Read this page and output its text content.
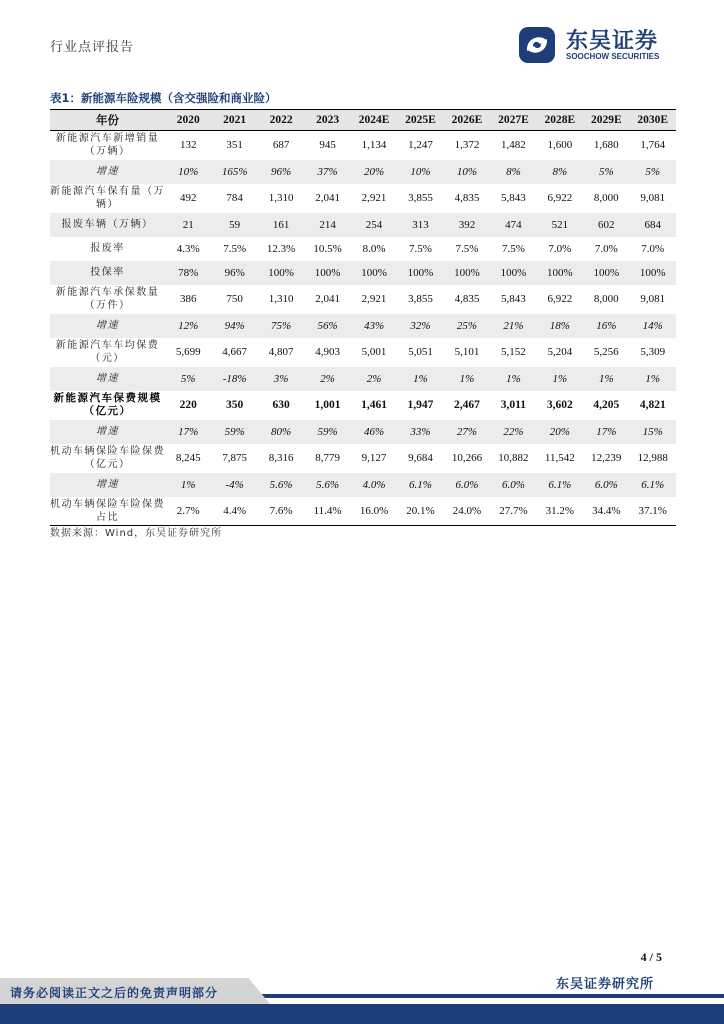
行业点评报告	东吴证券
SOOCHOW SECURITIES
表1：新能源车险规模（含交强险和商业险）
年份	2020	2021	2022	2023	2024E	2025E	2026E	2027E	2028E	2029E	2030E
新能源汽车新增销量（万辆）	132	351	687	945	1,134	1,247	1,372	1,482	1,600	1,680	1,764
增速	10%	165%	96%	37%	20%	10%	10%	8%	8%	5%	5%
新能源汽车保有量（万辆）	492	784	1,310	2,041	2,921	3,855	4,835	5,843	6,922	8,000	9,081
报废车辆（万辆）	21	59	161	214	254	313	392	474	521	602	684
报废率	4.3%	7.5%	12.3%	10.5%	8.0%	7.5%	7.5%	7.5%	7.0%	7.0%	7.0%
投保率	78%	96%	100%	100%	100%	100%	100%	100%	100%	100%	100%
新能源汽车承保数量（万件）	386	750	1,310	2,041	2,921	3,855	4,835	5,843	6,922	8,000	9,081
增速	12%	94%	75%	56%	43%	32%	25%	21%	18%	16%	14%
新能源汽车车均保费（元）	5,699	4,667	4,807	4,903	5,001	5,051	5,101	5,152	5,204	5,256	5,309
增速	5%	-18%	3%	2%	2%	1%	1%	1%	1%	1%	1%
新能源汽车保费规模（亿元）	220	350	630	1,001	1,461	1,947	2,467	3,011	3,602	4,205	4,821
增速	17%	59%	80%	59%	46%	33%	27%	22%	20%	17%	15%
机动车辆保险车险保费（亿元）	8,245	7,875	8,316	8,779	9,127	9,684	10,266	10,882	11,542	12,239	12,988
增速	1%	-4%	5.6%	5.6%	4.0%	6.1%	6.0%	6.0%	6.1%	6.0%	6.1%
机动车辆保险车险保费占比	2.7%	4.4%	7.6%	11.4%	16.0%	20.1%	24.0%	27.7%	31.2%	34.4%	37.1%
数据来源：Wind，东吴证券研究所
4 / 5
东吴证券研究所
请务必阅读正文之后的免责声明部分
